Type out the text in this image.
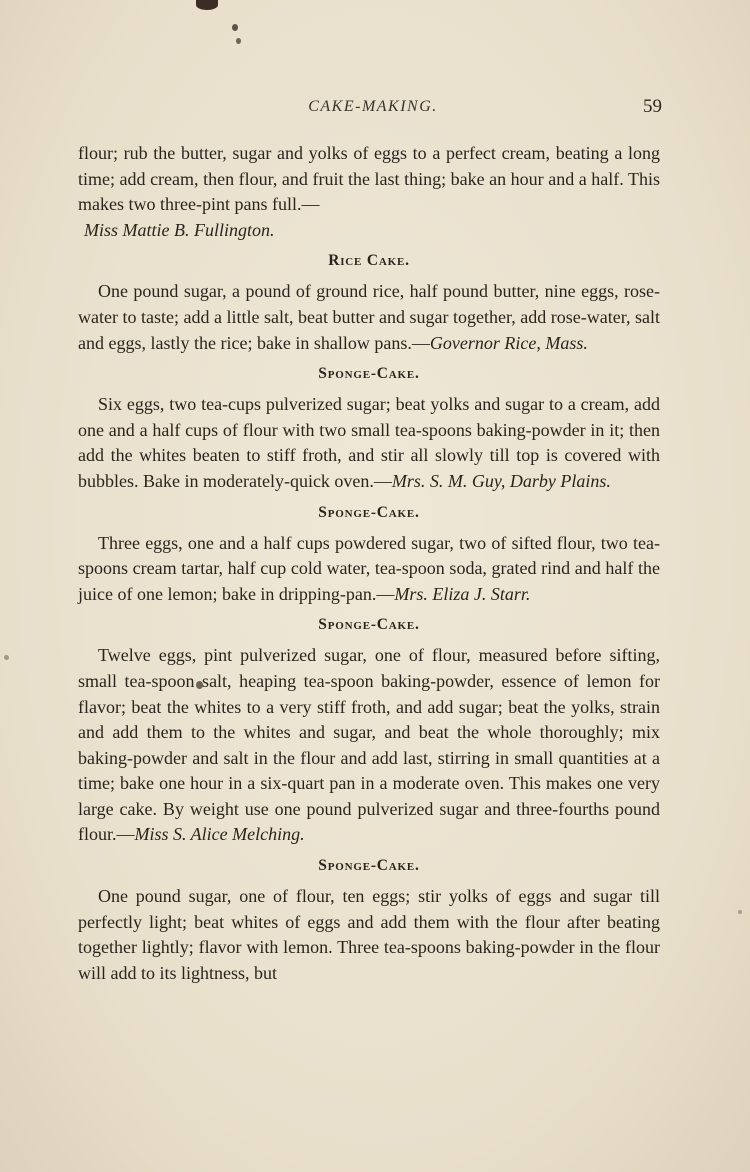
CAKE-MAKING.	59

flour; rub the butter, sugar and yolks of eggs to a perfect cream, beating a long time; add cream, then flour, and fruit the last thing; bake an hour and a half. This makes two three-pint pans full.—

Miss Mattie B. Fullington.

Rice Cake.

One pound sugar, a pound of ground rice, half pound butter, nine eggs, rose-water to taste; add a little salt, beat butter and sugar together, add rose-water, salt and eggs, lastly the rice; bake in shallow pans.—Governor Rice, Mass.

Sponge-Cake.

Six eggs, two tea-cups pulverized sugar; beat yolks and sugar to a cream, add one and a half cups of flour with two small tea-spoons baking-powder in it; then add the whites beaten to stiff froth, and stir all slowly till top is covered with bubbles. Bake in moderately-quick oven.—Mrs. S. M. Guy, Darby Plains.

Sponge-Cake.

Three eggs, one and a half cups powdered sugar, two of sifted flour, two tea-spoons cream tartar, half cup cold water, tea-spoon soda, grated rind and half the juice of one lemon; bake in dripping-pan.—Mrs. Eliza J. Starr.

Sponge-Cake.

Twelve eggs, pint pulverized sugar, one of flour, measured before sifting, small tea-spoon salt, heaping tea-spoon baking-powder, essence of lemon for flavor; beat the whites to a very stiff froth, and add sugar; beat the yolks, strain and add them to the whites and sugar, and beat the whole thoroughly; mix baking-powder and salt in the flour and add last, stirring in small quantities at a time; bake one hour in a six-quart pan in a moderate oven. This makes one very large cake. By weight use one pound pulverized sugar and three-fourths pound flour.—Miss S. Alice Melching.

Sponge-Cake.

One pound sugar, one of flour, ten eggs; stir yolks of eggs and sugar till perfectly light; beat whites of eggs and add them with the flour after beating together lightly; flavor with lemon. Three tea-spoons baking-powder in the flour will add to its lightness, but
